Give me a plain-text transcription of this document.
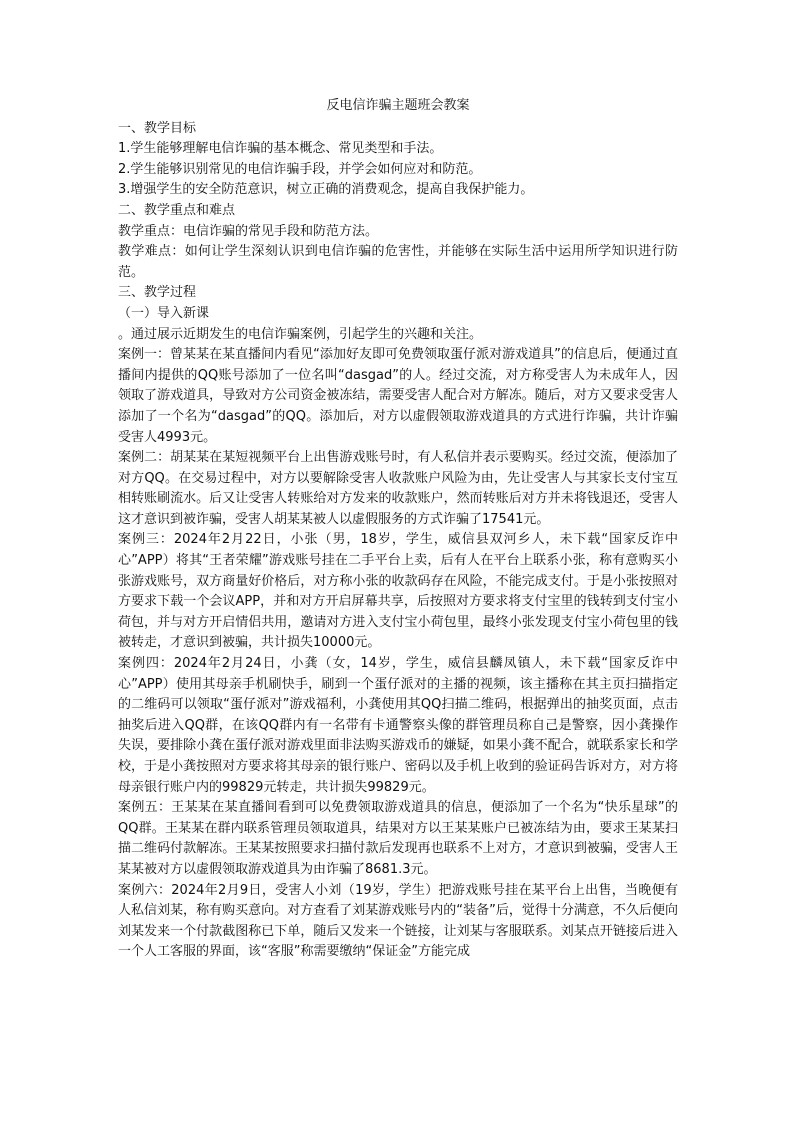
反电信诈骗主题班会教案
一、教学目标
1.学生能够理解电信诈骗的基本概念、常见类型和手法。
2.学生能够识别常见的电信诈骗手段，并学会如何应对和防范。
3.增强学生的安全防范意识，树立正确的消费观念，提高自我保护能力。
二、教学重点和难点
教学重点：电信诈骗的常见手段和防范方法。
教学难点：如何让学生深刻认识到电信诈骗的危害性，并能够在实际生活中运用所学知识进行防范。
三、教学过程
（一）导入新课
。通过展示近期发生的电信诈骗案例，引起学生的兴趣和关注。
案例一：曾某某在某直播间内看见“添加好友即可免费领取蛋仔派对游戏道具”的信息后，便通过直播间内提供的QQ账号添加了一位名叫“dasgad”的人。经过交流，对方称受害人为未成年人，因领取了游戏道具，导致对方公司资金被冻结，需要受害人配合对方解冻。随后，对方又要求受害人添加了一个名为“dasgad”的QQ。添加后，对方以虚假领取游戏道具的方式进行诈骗，共计诈骗受害人4993元。
案例二：胡某某在某短视频平台上出售游戏账号时，有人私信并表示要购买。经过交流，便添加了对方QQ。在交易过程中，对方以要解除受害人收款账户风险为由，先让受害人与其家长支付宝互相转账刷流水。后又让受害人转账给对方发来的收款账户，然而转账后对方并未将钱退还，受害人这才意识到被诈骗，受害人胡某某被人以虚假服务的方式诈骗了17541元。
案例三：2024年2月22日，小张（男，18岁，学生，威信县双河乡人，未下载“国家反诈中心”APP）将其“王者荣耀”游戏账号挂在二手平台上卖，后有人在平台上联系小张，称有意购买小张游戏账号，双方商量好价格后，对方称小张的收款码存在风险，不能完成支付。于是小张按照对方要求下载一个会议APP，并和对方开启屏幕共享，后按照对方要求将支付宝里的钱转到支付宝小荷包，并与对方开启情侣共用，邀请对方进入支付宝小荷包里，最终小张发现支付宝小荷包里的钱被转走，才意识到被骗，共计损失10000元。
案例四：2024年2月24日，小龚（女，14岁，学生，威信县麟凤镇人，未下载“国家反诈中心”APP）使用其母亲手机刷快手，刷到一个蛋仔派对的主播的视频，该主播称在其主页扫描指定的二维码可以领取“蛋仔派对”游戏福利，小龚使用其QQ扫描二维码，根据弹出的抽奖页面，点击抽奖后进入QQ群，在该QQ群内有一名带有卡通警察头像的群管理员称自己是警察，因小龚操作失误，要排除小龚在蛋仔派对游戏里面非法购买游戏币的嫌疑，如果小龚不配合，就联系家长和学校，于是小龚按照对方要求将其母亲的银行账户、密码以及手机上收到的验证码告诉对方，对方将母亲银行账户内的99829元转走，共计损失99829元。
案例五：王某某在某直播间看到可以免费领取游戏道具的信息，便添加了一个名为“快乐星球”的QQ群。王某某在群内联系管理员领取道具，结果对方以王某某账户已被冻结为由，要求王某某扫描二维码付款解冻。王某某按照要求扫描付款后发现再也联系不上对方，才意识到被骗，受害人王某某被对方以虚假领取游戏道具为由诈骗了8681.3元。
案例六：2024年2月9日，受害人小刘（19岁，学生）把游戏账号挂在某平台上出售，当晚便有人私信刘某，称有购买意向。对方查看了刘某游戏账号内的“装备”后，觉得十分满意，不久后便向刘某发来一个付款截图称已下单，随后又发来一个链接，让刘某与客服联系。刘某点开链接后进入一个人工客服的界面，该“客服”称需要缴纳“保证金”方能完成
